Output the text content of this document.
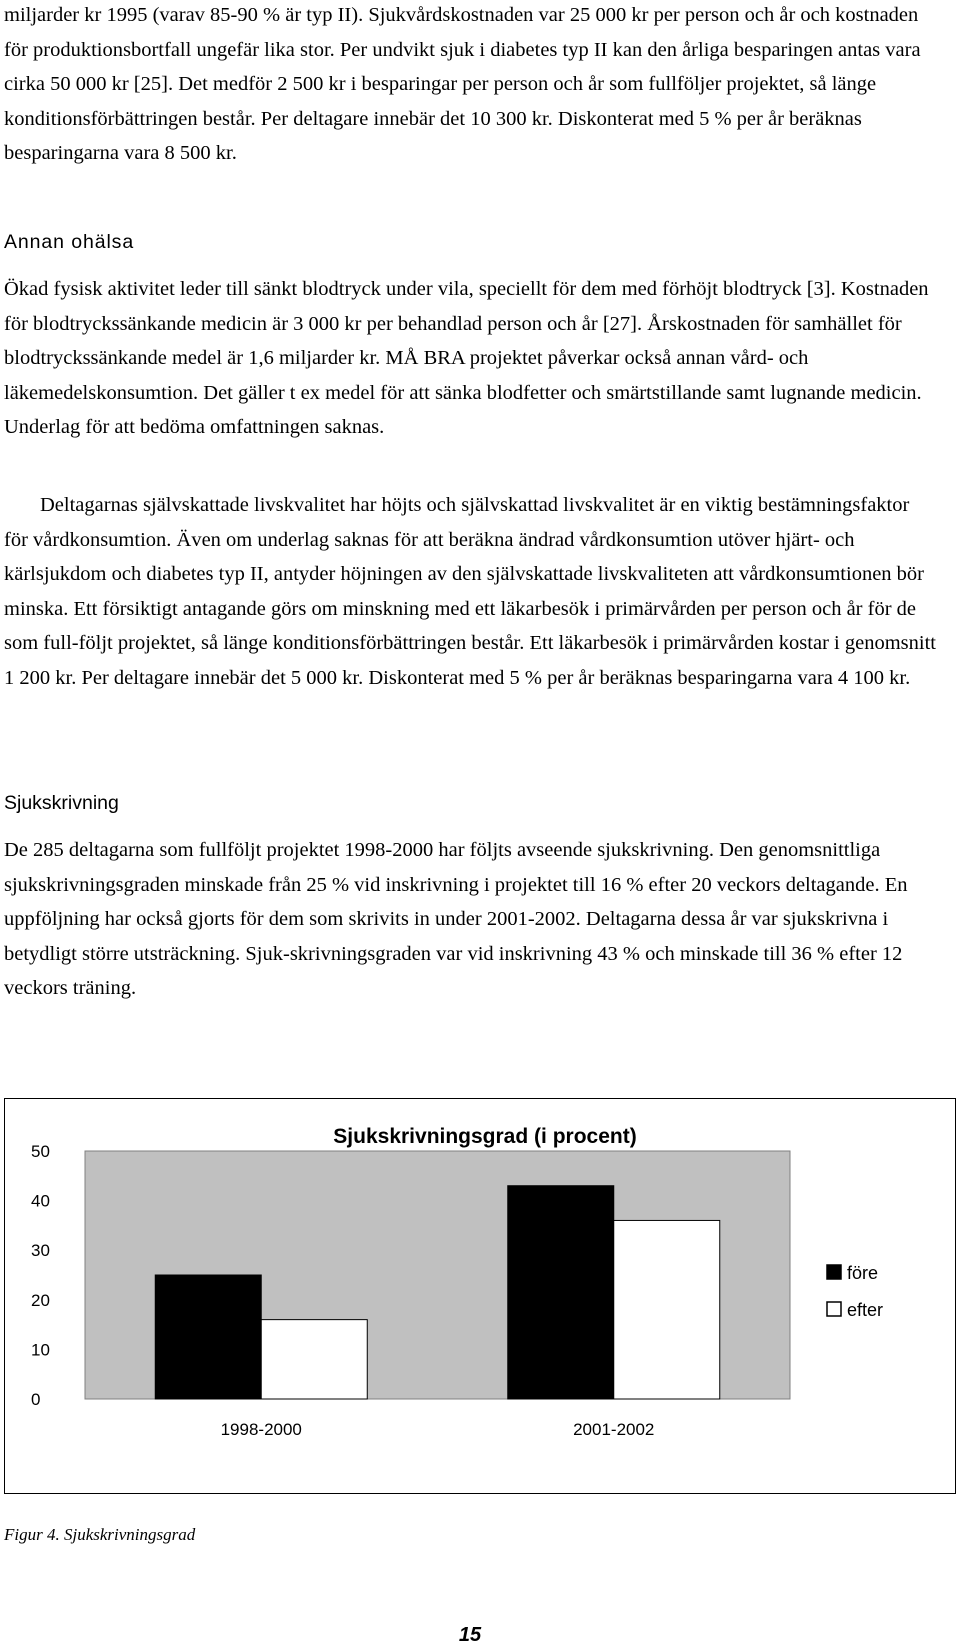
miljarder kr 1995 (varav 85-90 % är typ II). Sjukvårdskostnaden var 25 000 kr per person och år och kostnaden för produktionsbortfall ungefär lika stor. Per undvikt sjuk i diabetes typ II kan den årliga besparingen antas vara cirka 50 000 kr [25]. Det medför 2 500 kr i besparingar per person och år som fullföljer projektet, så länge konditionsförbättringen består. Per deltagare innebär det 10 300 kr. Diskonterat med 5 % per år beräknas besparingarna vara 8 500 kr.

Annan ohälsa

Ökad fysisk aktivitet leder till sänkt blodtryck under vila, speciellt för dem med förhöjt blodtryck [3]. Kostnaden för blodtryckssänkande medicin är 3 000 kr per behandlad person och år [27]. Årskostnaden för samhället för blodtryckssänkande medel är 1,6 miljarder kr. MÅ BRA projektet påverkar också annan vård- och läkemedelskonsumtion. Det gäller t ex medel för att sänka blodfetter och smärtstillande samt lugnande medicin. Underlag för att bedöma omfattningen saknas.

Deltagarnas självskattade livskvalitet har höjts och självskattad livskvalitet är en viktig bestämningsfaktor för vårdkonsumtion. Även om underlag saknas för att beräkna ändrad vårdkonsumtion utöver hjärt- och kärlsjukdom och diabetes typ II, antyder höjningen av den självskattade livskvaliteten att vårdkonsumtionen bör minska. Ett försiktigt antagande görs om minskning med ett läkarbesök i primärvården per person och år för de som full-följt projektet, så länge konditionsförbättringen består. Ett läkarbesök i primärvården kostar i genomsnitt 1 200 kr. Per deltagare innebär det 5 000 kr. Diskonterat med 5 % per år beräknas besparingarna vara 4 100 kr.

Sjukskrivning

De 285 deltagarna som fullföljt projektet 1998-2000 har följts avseende sjukskrivning. Den genomsnittliga sjukskrivningsgraden minskade från 25 % vid inskrivning i projektet till 16 % efter 20 veckors deltagande. En uppföljning har också gjorts för dem som skrivits in under 2001-2002. Deltagarna dessa år var sjukskrivna i betydligt större utsträckning. Sjuk-skrivningsgraden var vid inskrivning 43 % och minskade till 36 % efter 12 veckors träning.

Sjukskrivningsgrad (i procent)
0
10
20
30
40
50
1998-2000	2001-2002
före
efter

Figur 4. Sjukskrivningsgrad

15
